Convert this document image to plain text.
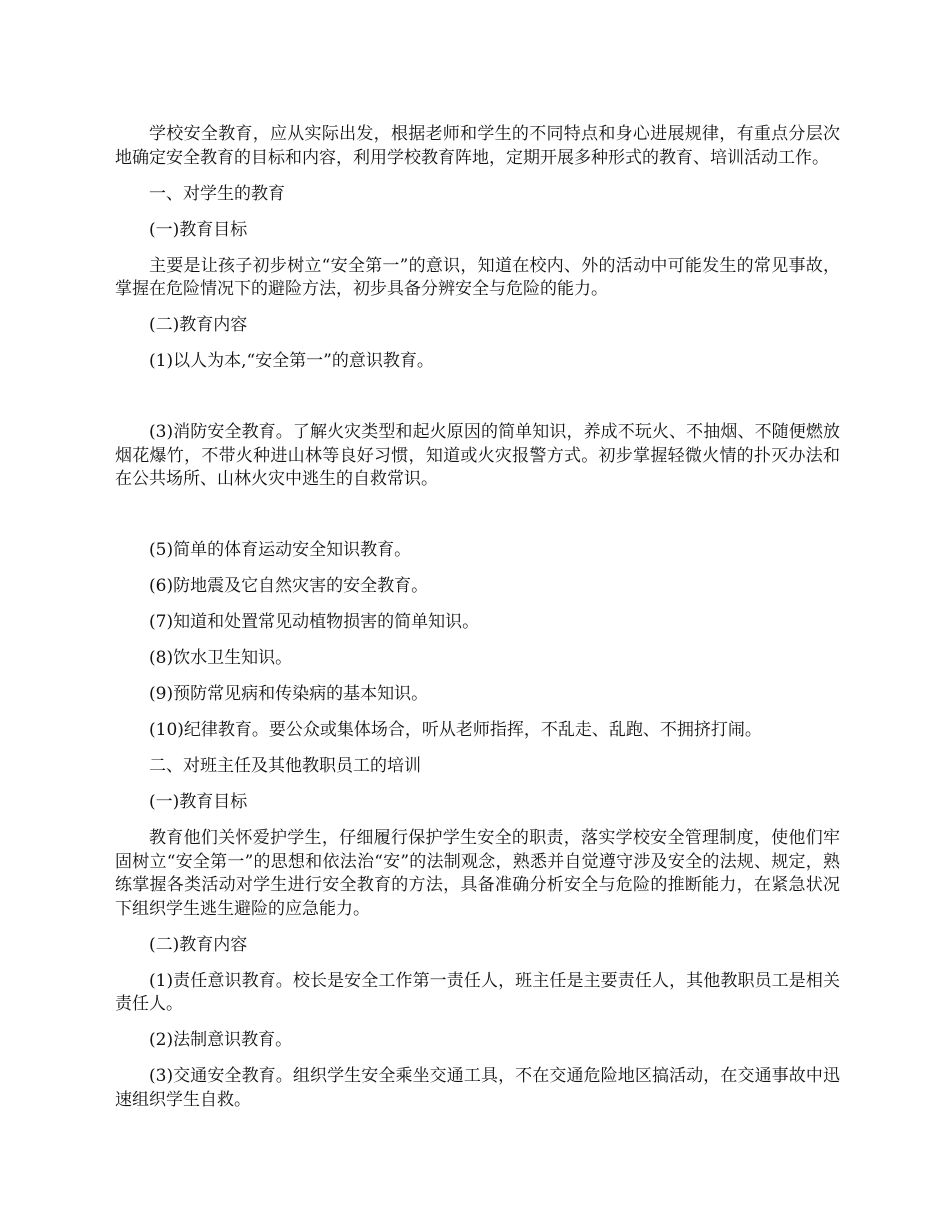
学校安全教育，应从实际出发，根据老师和学生的不同特点和身心进展规律，有重点分层次地确定安全教育的目标和内容，利用学校教育阵地，定期开展多种形式的教育、培训活动工作。

一、对学生的教育

(一)教育目标

主要是让孩子初步树立“安全第一”的意识，知道在校内、外的活动中可能发生的常见事故，掌握在危险情况下的避险方法，初步具备分辨安全与危险的能力。

(二)教育内容

(1)以人为本,“安全第一”的意识教育。

(3)消防安全教育。了解火灾类型和起火原因的简单知识，养成不玩火、不抽烟、不随便燃放烟花爆竹，不带火种进山林等良好习惯，知道或火灾报警方式。初步掌握轻微火情的扑灭办法和在公共场所、山林火灾中逃生的自救常识。

(5)简单的体育运动安全知识教育。

(6)防地震及它自然灾害的安全教育。

(7)知道和处置常见动植物损害的简单知识。

(8)饮水卫生知识。

(9)预防常见病和传染病的基本知识。

(10)纪律教育。要公众或集体场合，听从老师指挥，不乱走、乱跑、不拥挤打闹。

二、对班主任及其他教职员工的培训

(一)教育目标

教育他们关怀爱护学生，仔细履行保护学生安全的职责，落实学校安全管理制度，使他们牢固树立“安全第一”的思想和依法治“安”的法制观念，熟悉并自觉遵守涉及安全的法规、规定，熟练掌握各类活动对学生进行安全教育的方法，具备准确分析安全与危险的推断能力，在紧急状况下组织学生逃生避险的应急能力。

(二)教育内容

(1)责任意识教育。校长是安全工作第一责任人，班主任是主要责任人，其他教职员工是相关责任人。

(2)法制意识教育。

(3)交通安全教育。组织学生安全乘坐交通工具，不在交通危险地区搞活动，在交通事故中迅速组织学生自救。
